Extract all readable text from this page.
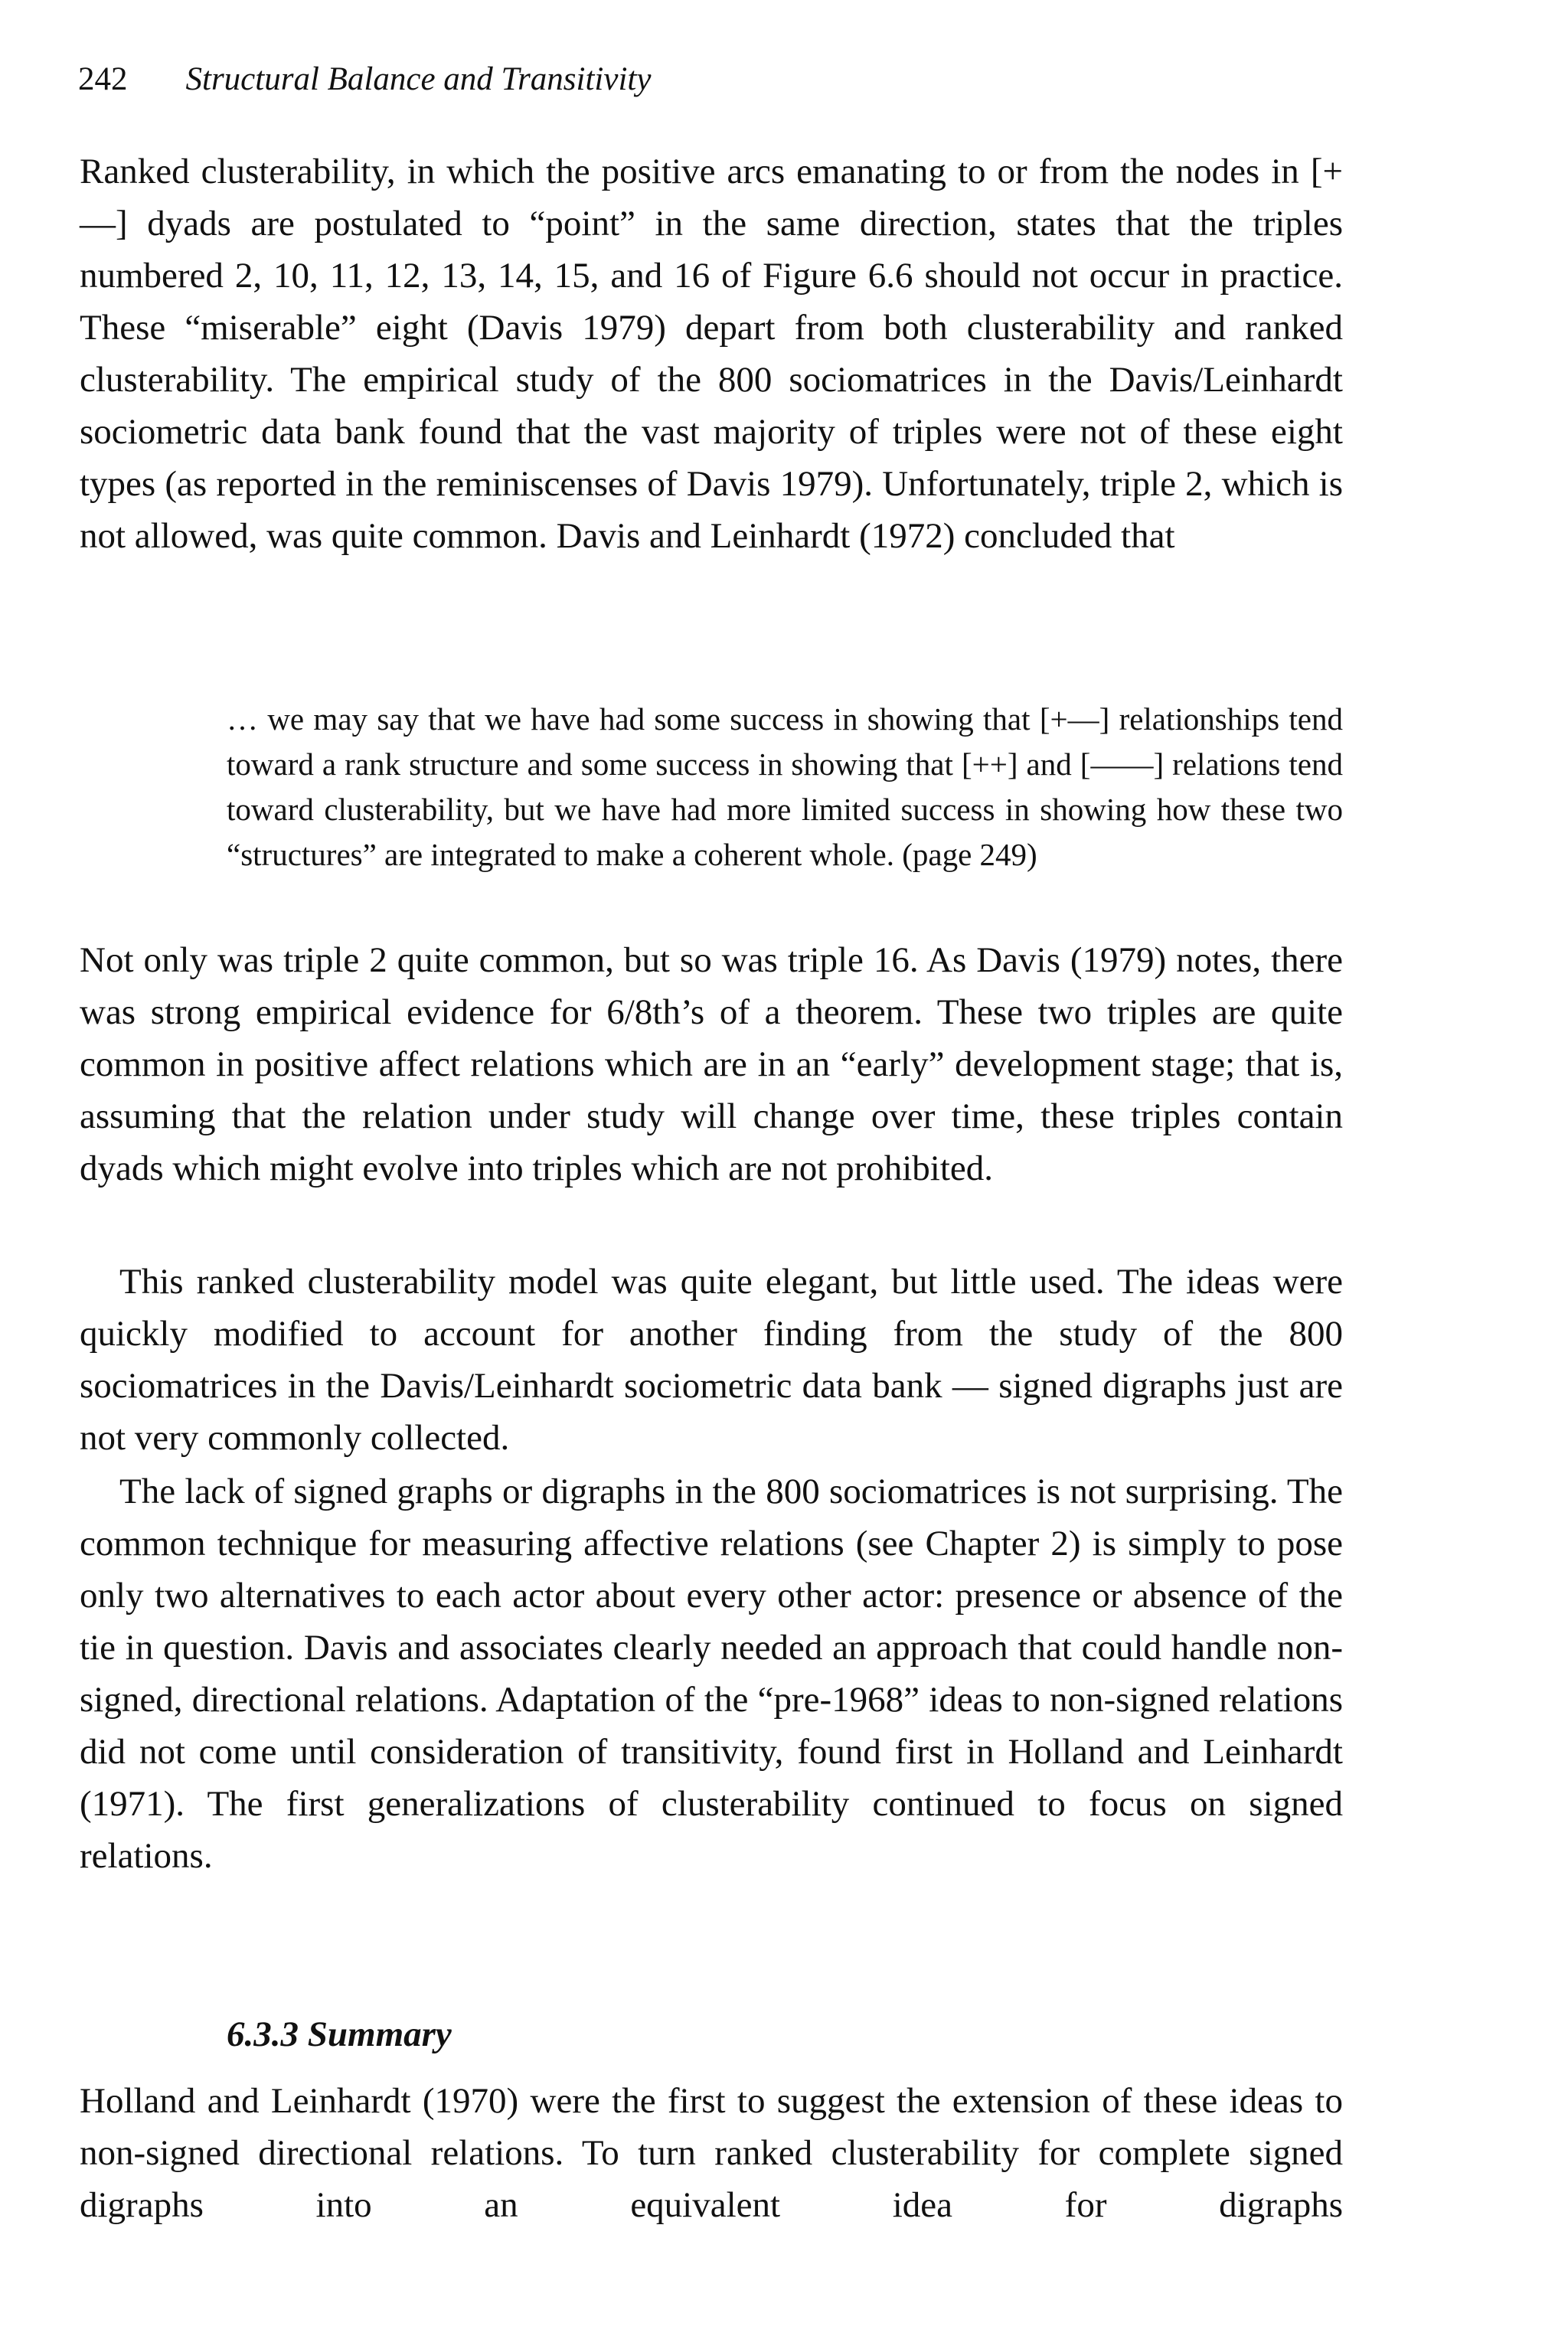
242 Structural Balance and Transitivity

Ranked clusterability, in which the positive arcs emanating to or from the nodes in [+—] dyads are postulated to “point” in the same direction, states that the triples numbered 2, 10, 11, 12, 13, 14, 15, and 16 of Figure 6.6 should not occur in practice. These “miserable” eight (Davis 1979) depart from both clusterability and ranked clusterability. The empirical study of the 800 sociomatrices in the Davis/Leinhardt sociometric data bank found that the vast majority of triples were not of these eight types (as reported in the reminiscenses of Davis 1979). Unfortunately, triple 2, which is not allowed, was quite common. Davis and Leinhardt (1972) concluded that

… we may say that we have had some success in showing that [+—] relationships tend toward a rank structure and some success in showing that [++] and [——] relations tend toward clusterability, but we have had more limited success in showing how these two “structures” are integrated to make a coherent whole. (page 249)

Not only was triple 2 quite common, but so was triple 16. As Davis (1979) notes, there was strong empirical evidence for 6/8th’s of a theorem. These two triples are quite common in positive affect relations which are in an “early” development stage; that is, assuming that the relation under study will change over time, these triples contain dyads which might evolve into triples which are not prohibited.

This ranked clusterability model was quite elegant, but little used. The ideas were quickly modified to account for another finding from the study of the 800 sociomatrices in the Davis/Leinhardt sociometric data bank — signed digraphs just are not very commonly collected.

The lack of signed graphs or digraphs in the 800 sociomatrices is not surprising. The common technique for measuring affective relations (see Chapter 2) is simply to pose only two alternatives to each actor about every other actor: presence or absence of the tie in question. Davis and associates clearly needed an approach that could handle non-signed, directional relations. Adaptation of the “pre-1968” ideas to non-signed relations did not come until consideration of transitivity, found first in Holland and Leinhardt (1971). The first generalizations of clusterability continued to focus on signed relations.

6.3.3 Summary

Holland and Leinhardt (1970) were the first to suggest the extension of these ideas to non-signed directional relations. To turn ranked clusterability for complete signed digraphs into an equivalent idea for digraphs
